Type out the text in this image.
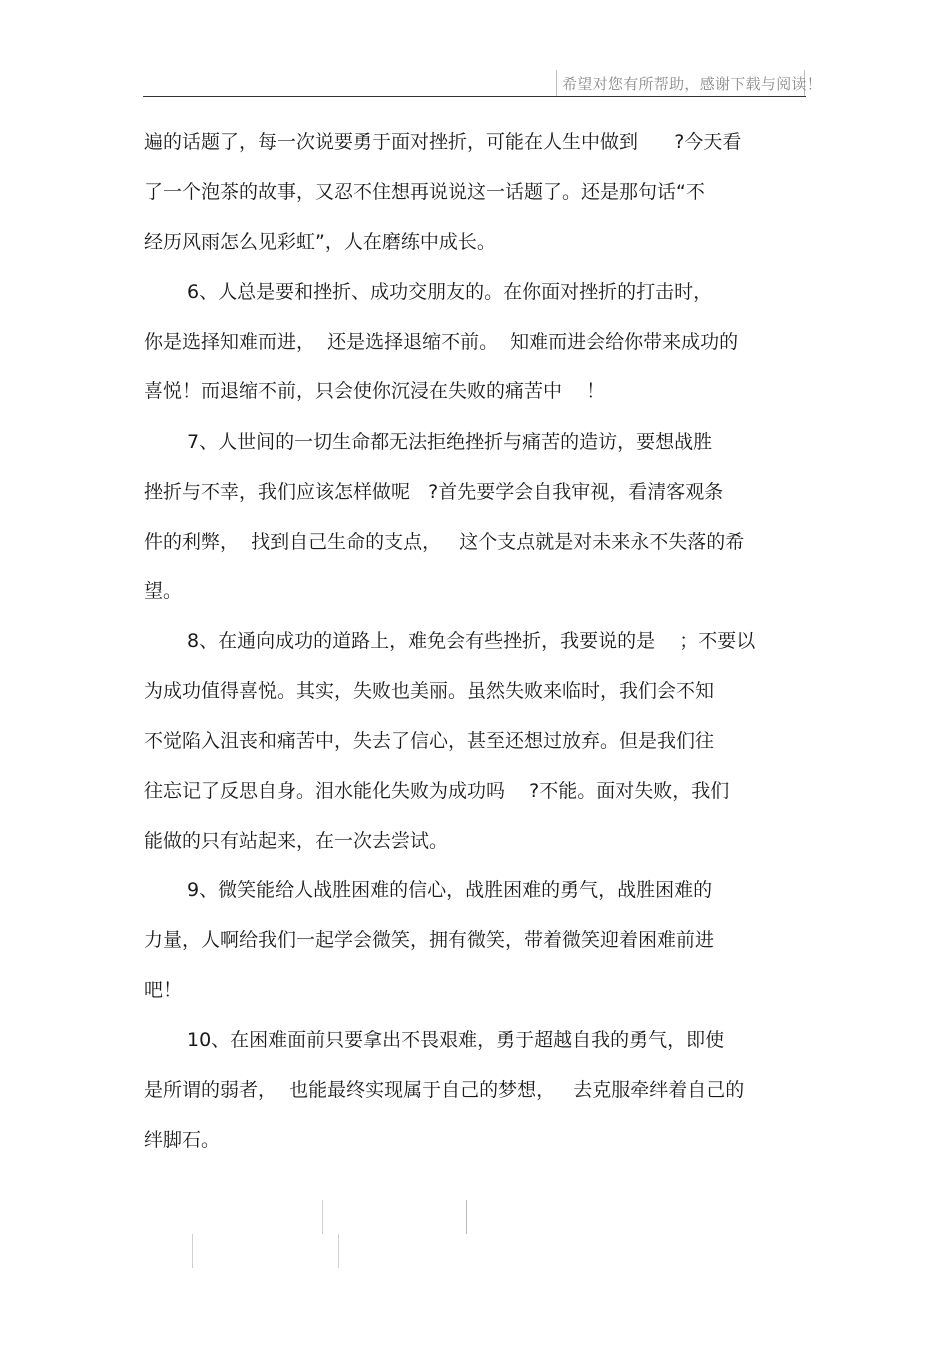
希望对您有所帮助，感谢下载与阅读！
遍的话题了，每一次说要勇于面对挫折，可能在人生中做到      ?今天看
了一个泡茶的故事，又忍不住想再说说这一话题了。还是那句话“不
经历风雨怎么见彩虹”，人在磨练中成长。
6、人总是要和挫折、成功交朋友的。在你面对挫折的打击时，
你是选择知难而进，  还是选择退缩不前。  知难而进会给你带来成功的
喜悦！而退缩不前，只会使你沉浸在失败的痛苦中    ！
7、人世间的一切生命都无法拒绝挫折与痛苦的造访，要想战胜
挫折与不幸，我们应该怎样做呢   ?首先要学会自我审视，看清客观条
件的利弊，  找到自己生命的支点，   这个支点就是对未来永不失落的希
望。
8、在通向成功的道路上，难免会有些挫折，我要说的是    ；不要以
为成功值得喜悦。其实，失败也美丽。虽然失败来临时，我们会不知
不觉陷入沮丧和痛苦中，失去了信心，甚至还想过放弃。但是我们往
往忘记了反思自身。泪水能化失败为成功吗    ?不能。面对失败，我们
能做的只有站起来，在一次去尝试。
9、微笑能给人战胜困难的信心，战胜困难的勇气，战胜困难的
力量，人啊给我们一起学会微笑，拥有微笑，带着微笑迎着困难前进
吧！
10、在困难面前只要拿出不畏艰难，勇于超越自我的勇气，即使
是所谓的弱者，  也能最终实现属于自己的梦想，   去克服牵绊着自己的
绊脚石。
